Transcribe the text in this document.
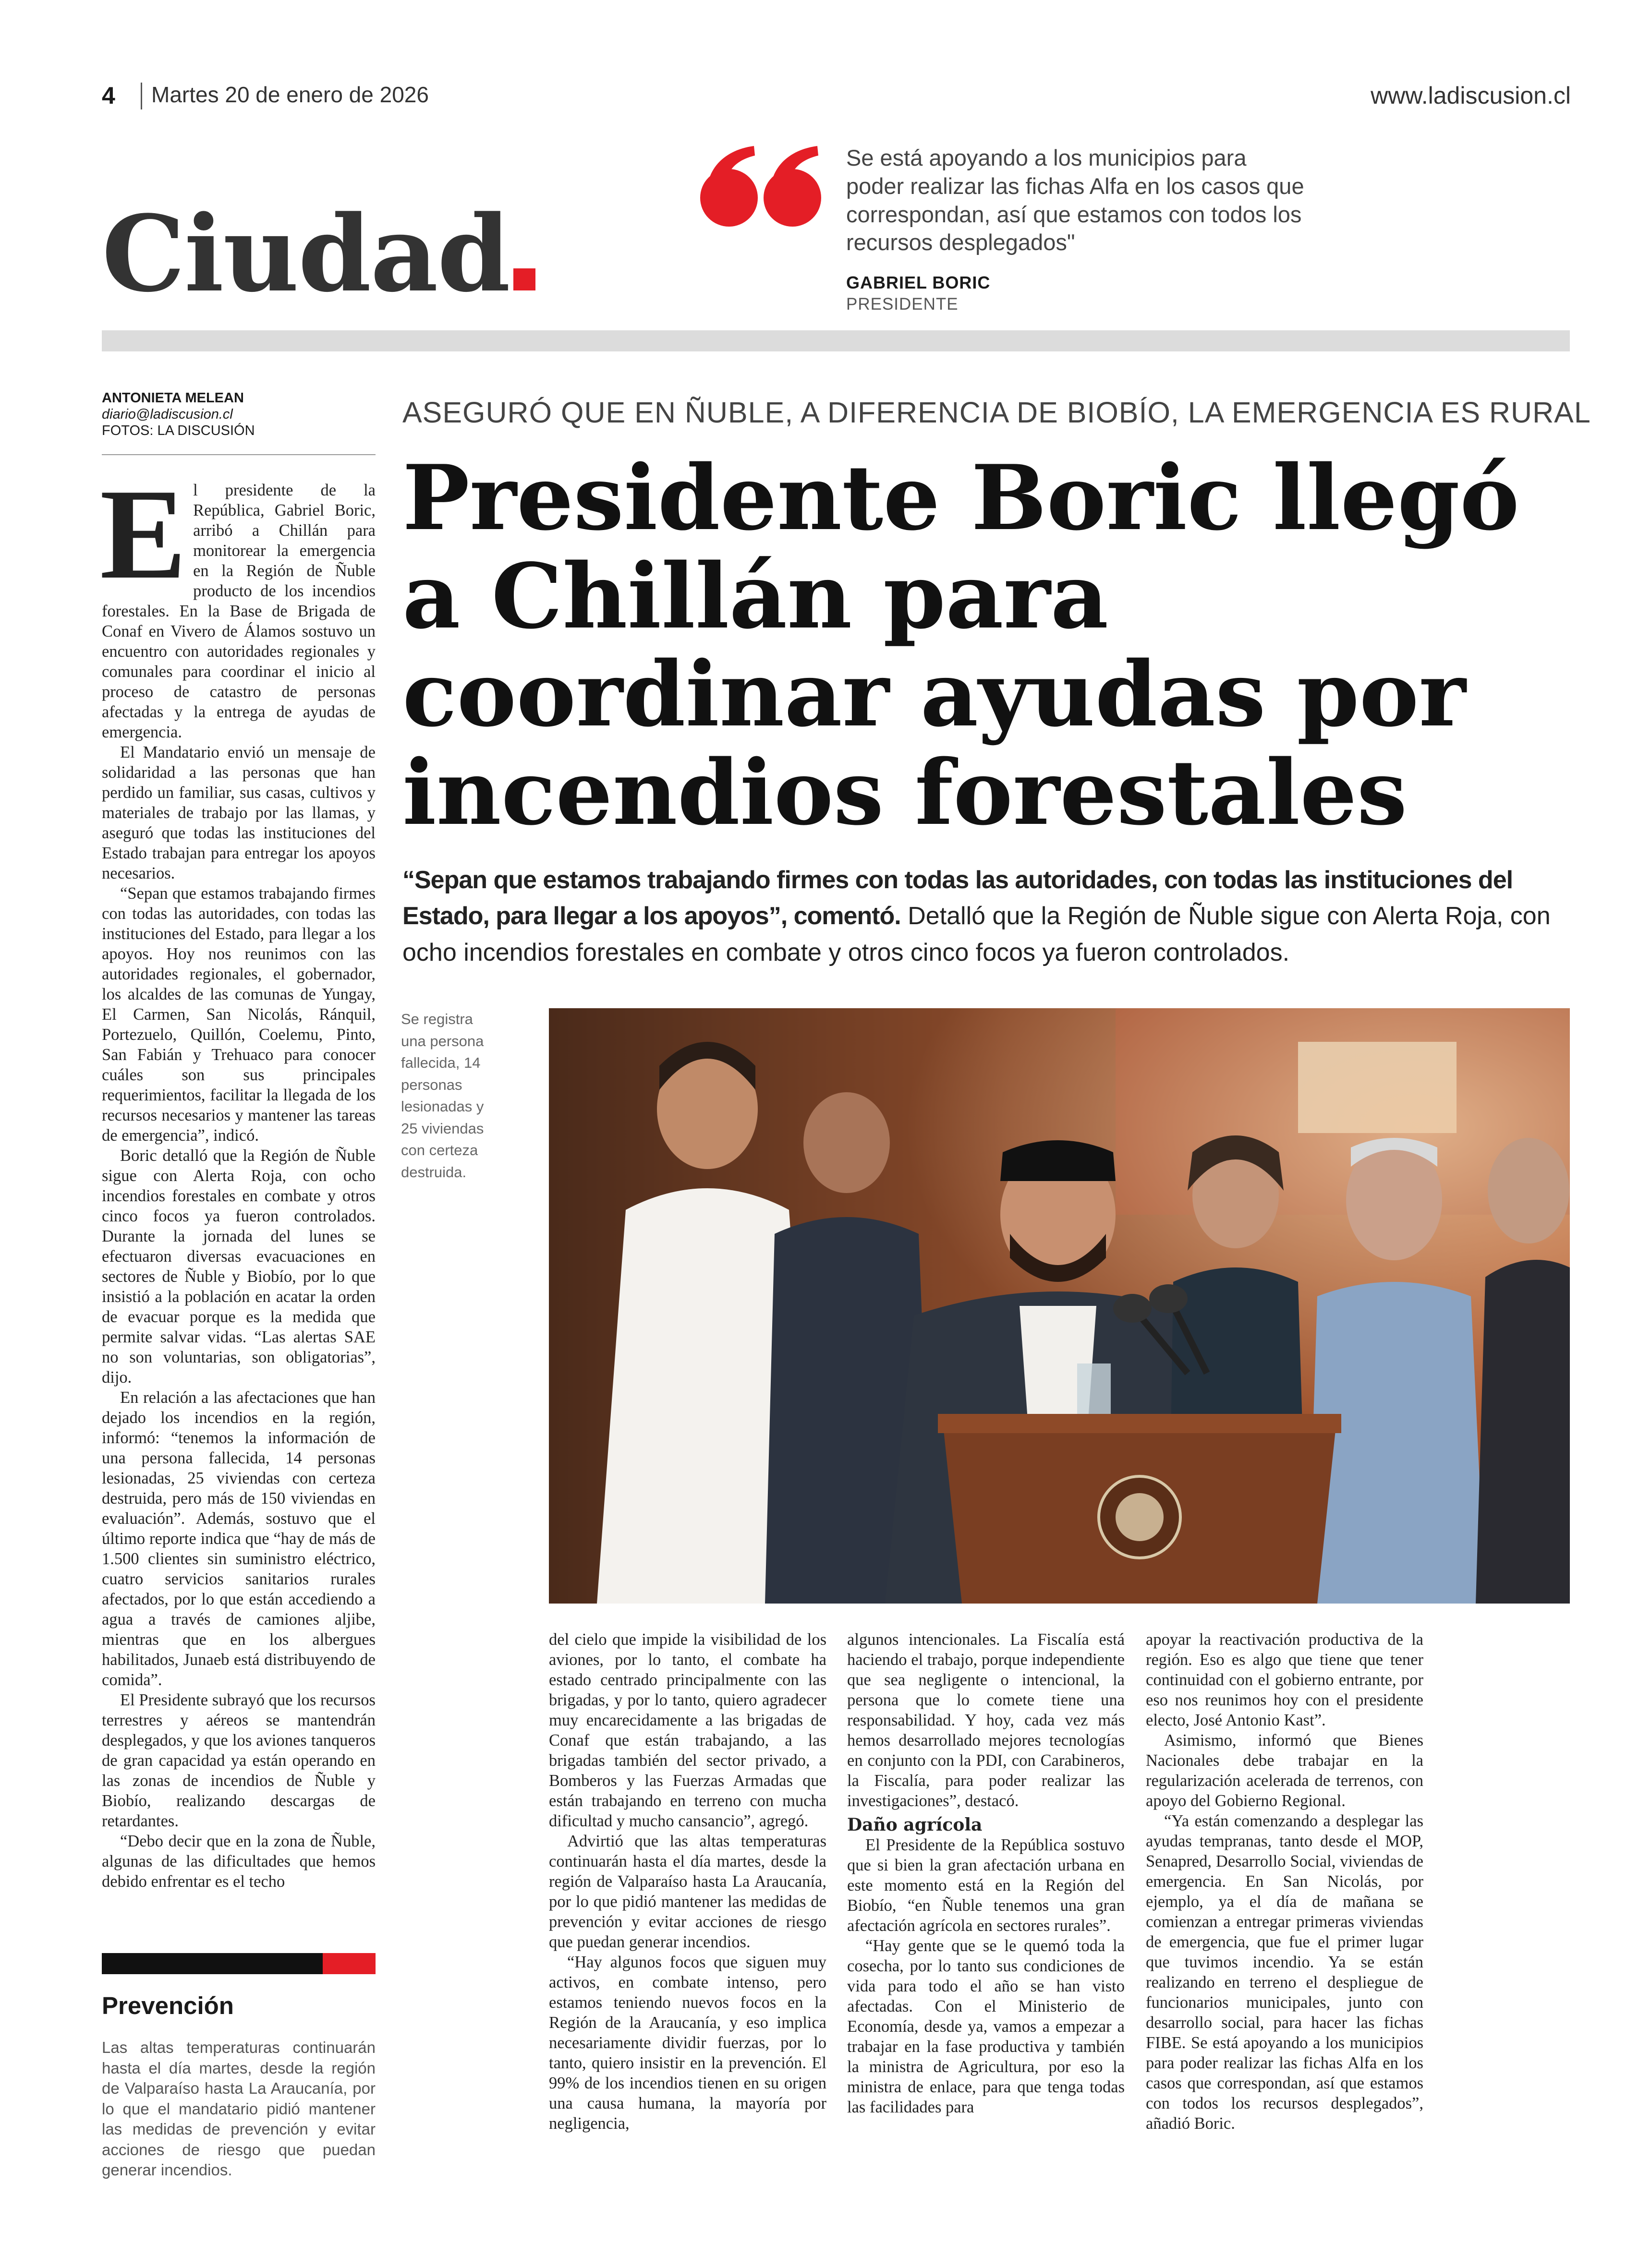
4 Martes 20 de enero de 2026	www.ladiscusion.cl
Ciudad
Se está apoyando a los municipios para poder realizar las fichas Alfa en los casos que correspondan, así que estamos con todos los recursos desplegados"
GABRIEL BORIC
PRESIDENTE
ANTONIETA MELEAN
diario@ladiscusion.cl
FOTOS: LA DISCUSIÓN
ASEGURÓ QUE EN ÑUBLE, A DIFERENCIA DE BIOBÍO, LA EMERGENCIA ES RURAL
Presidente Boric llegó a Chillán para coordinar ayudas por incendios forestales
“Sepan que estamos trabajando firmes con todas las autoridades, con todas las instituciones del Estado, para llegar a los apoyos”, comentó. Detalló que la Región de Ñuble sigue con Alerta Roja, con ocho incendios forestales en combate y otros cinco focos ya fueron controlados.
Se registra una persona fallecida, 14 personas lesionadas y 25 viviendas con certeza destruida.

El presidente de la República, Gabriel Boric, arribó a Chillán para monitorear la emergencia en la Región de Ñuble producto de los incendios forestales. En la Base de Brigada de Conaf en Vivero de Álamos sostuvo un encuentro con autoridades regionales y comunales para coordinar el inicio al proceso de catastro de personas afectadas y la entrega de ayudas de emergencia.

El Mandatario envió un mensaje de solidaridad a las personas que han perdido un familiar, sus casas, cultivos y materiales de trabajo por las llamas, y aseguró que todas las instituciones del Estado trabajan para entregar los apoyos necesarios.

“Sepan que estamos trabajando firmes con todas las autoridades, con todas las instituciones del Estado, para llegar a los apoyos. Hoy nos reunimos con las autoridades regionales, el gobernador, los alcaldes de las comunas de Yungay, El Carmen, San Nicolás, Ránquil, Portezuelo, Quillón, Coelemu, Pinto, San Fabián y Trehuaco para conocer cuáles son sus principales requerimientos, facilitar la llegada de los recursos necesarios y mantener las tareas de emergencia”, indicó.

Boric detalló que la Región de Ñuble sigue con Alerta Roja, con ocho incendios forestales en combate y otros cinco focos ya fueron controlados. Durante la jornada del lunes se efectuaron diversas evacuaciones en sectores de Ñuble y Biobío, por lo que insistió a la población en acatar la orden de evacuar porque es la medida que permite salvar vidas. “Las alertas SAE no son voluntarias, son obligatorias”, dijo.

En relación a las afectaciones que han dejado los incendios en la región, informó: “tenemos la información de una persona fallecida, 14 personas lesionadas, 25 viviendas con certeza destruida, pero más de 150 viviendas en evaluación”. Además, sostuvo que el último reporte indica que “hay de más de 1.500 clientes sin suministro eléctrico, cuatro servicios sanitarios rurales afectados, por lo que están accediendo a agua a través de camiones aljibe, mientras que en los albergues habilitados, Junaeb está distribuyendo de comida”.

El Presidente subrayó que los recursos terrestres y aéreos se mantendrán desplegados, y que los aviones tanqueros de gran capacidad ya están operando en las zonas de incendios de Ñuble y Biobío, realizando descargas de retardantes.

“Debo decir que en la zona de Ñuble, algunas de las dificultades que hemos debido enfrentar es el techo

del cielo que impide la visibilidad de los aviones, por lo tanto, el combate ha estado centrado principalmente con las brigadas, y por lo tanto, quiero agradecer muy encarecidamente a las brigadas de Conaf que están trabajando, a las brigadas también del sector privado, a Bomberos y las Fuerzas Armadas que están trabajando en terreno con mucha dificultad y mucho cansancio”, agregó.

Advirtió que las altas temperaturas continuarán hasta el día martes, desde la región de Valparaíso hasta La Araucanía, por lo que pidió mantener las medidas de prevención y evitar acciones de riesgo que puedan generar incendios.

“Hay algunos focos que siguen muy activos, en combate intenso, pero estamos teniendo nuevos focos en la Región de la Araucanía, y eso implica necesariamente dividir fuerzas, por lo tanto, quiero insistir en la prevención. El 99% de los incendios tienen en su origen una causa humana, la mayoría por negligencia,

algunos intencionales. La Fiscalía está haciendo el trabajo, porque independiente que sea negligente o intencional, la persona que lo comete tiene una responsabilidad. Y hoy, cada vez más hemos desarrollado mejores tecnologías en conjunto con la PDI, con Carabineros, la Fiscalía, para poder realizar las investigaciones”, destacó.

Daño agrícola

El Presidente de la República sostuvo que si bien la gran afectación urbana en este momento está en la Región del Biobío, “en Ñuble tenemos una gran afectación agrícola en sectores rurales”.

“Hay gente que se le quemó toda la cosecha, por lo tanto sus condiciones de vida para todo el año se han visto afectadas. Con el Ministerio de Economía, desde ya, vamos a empezar a trabajar en la fase productiva y también la ministra de Agricultura, por eso la ministra de enlace, para que tenga todas las facilidades para

apoyar la reactivación productiva de la región. Eso es algo que tiene que tener continuidad con el gobierno entrante, por eso nos reunimos hoy con el presidente electo, José Antonio Kast”.

Asimismo, informó que Bienes Nacionales debe trabajar en la regularización acelerada de terrenos, con apoyo del Gobierno Regional.

“Ya están comenzando a desplegar las ayudas tempranas, tanto desde el MOP, Senapred, Desarrollo Social, viviendas de emergencia. En San Nicolás, por ejemplo, ya el día de mañana se comienzan a entregar primeras viviendas de emergencia, que fue el primer lugar que tuvimos incendio. Ya se están realizando en terreno el despliegue de funcionarios municipales, junto con desarrollo social, para hacer las fichas FIBE. Se está apoyando a los municipios para poder realizar las fichas Alfa en los casos que correspondan, así que estamos con todos los recursos desplegados”, añadió Boric.

Prevención
Las altas temperaturas continuarán hasta el día martes, desde la región de Valparaíso hasta La Araucanía, por lo que el mandatario pidió mantener las medidas de prevención y evitar acciones de riesgo que puedan generar incendios.
